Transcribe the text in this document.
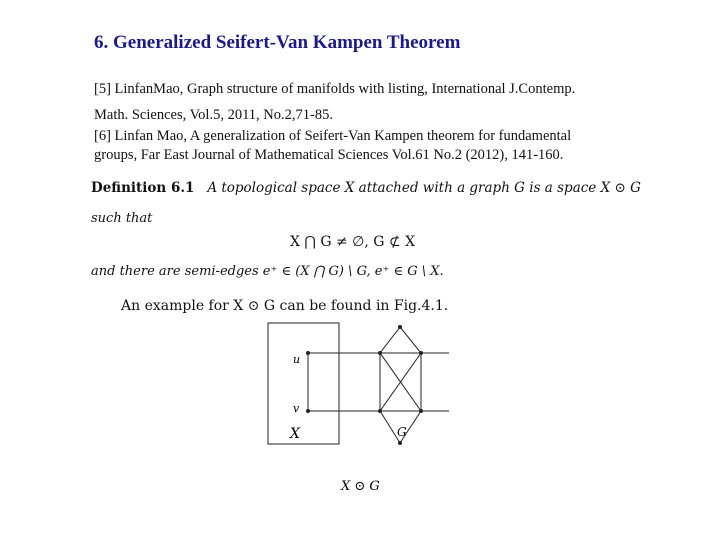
6. Generalized Seifert-Van Kampen Theorem
[5] LinfanMao, Graph structure of manifolds with listing, International J.Contemp.
Math. Sciences, Vol.5, 2011, No.2,71-85.
[6] Linfan Mao, A generalization of Seifert-Van Kampen theorem for fundamental
groups, Far East Journal of Mathematical Sciences Vol.61 No.2 (2012), 141-160.
Definition 6.1 A topological space X attached with a graph G is a space X ⊙ G
such that
X ⋂ G ≠ ∅, G ⊄ X
and there are semi-edges e⁺ ∈ (X ⋂ G) \ G, e⁺ ∈ G \ X.
An example for X ⊙ G can be found in Fig.4.1.
u
v
X	G
X ⊙ G
